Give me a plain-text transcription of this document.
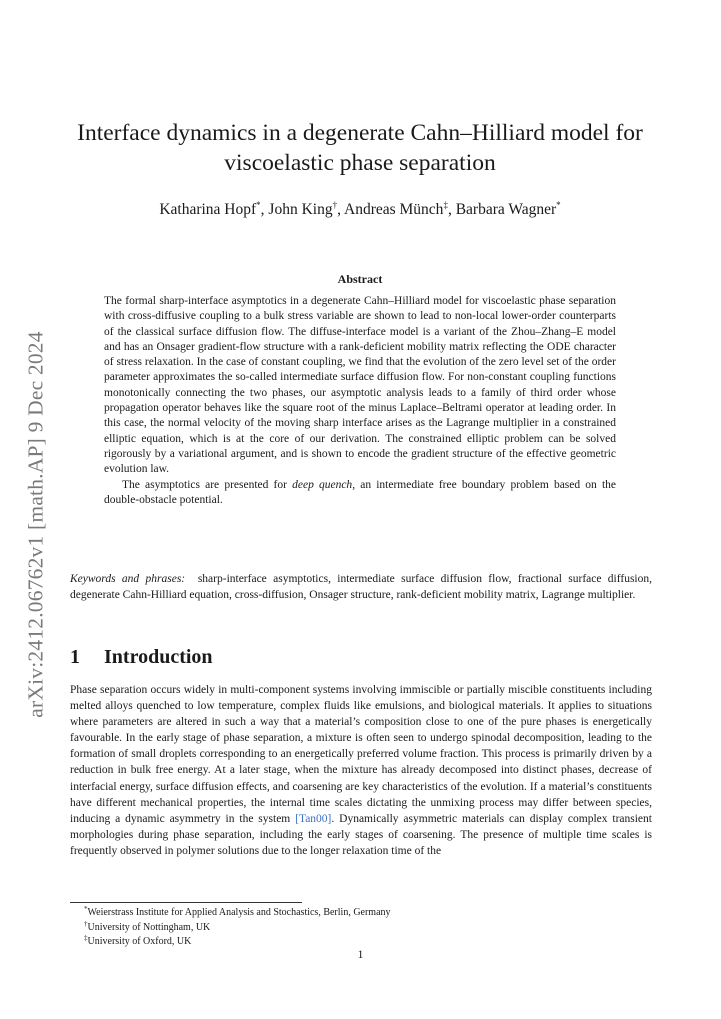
arXiv:2412.06762v1 [math.AP] 9 Dec 2024
Interface dynamics in a degenerate Cahn–Hilliard model for viscoelastic phase separation
Katharina Hopf*, John King†, Andreas Münch‡, Barbara Wagner*
Abstract

The formal sharp-interface asymptotics in a degenerate Cahn–Hilliard model for viscoelastic phase separation with cross-diffusive coupling to a bulk stress variable are shown to lead to non-local lower-order counterparts of the classical surface diffusion flow. The diffuse-interface model is a variant of the Zhou–Zhang–E model and has an Onsager gradient-flow structure with a rank-deficient mobility matrix reflecting the ODE character of stress relaxation. In the case of constant coupling, we find that the evolution of the zero level set of the order parameter approximates the so-called intermediate surface diffusion flow. For non-constant coupling functions monotonically connecting the two phases, our asymptotic analysis leads to a family of third order whose propagation operator behaves like the square root of the minus Laplace–Beltrami operator at leading order. In this case, the normal velocity of the moving sharp interface arises as the Lagrange multiplier in a constrained elliptic equation, which is at the core of our derivation. The constrained elliptic problem can be solved rigorously by a variational argument, and is shown to encode the gradient structure of the effective geometric evolution law.

The asymptotics are presented for deep quench, an intermediate free boundary problem based on the double-obstacle potential.

Keywords and phrases: sharp-interface asymptotics, intermediate surface diffusion flow, fractional surface diffusion, degenerate Cahn-Hilliard equation, cross-diffusion, Onsager structure, rank-deficient mobility matrix, Lagrange multiplier.
1 Introduction
Phase separation occurs widely in multi-component systems involving immiscible or partially miscible constituents including melted alloys quenched to low temperature, complex fluids like emulsions, and biological materials. It applies to situations where parameters are altered in such a way that a material’s composition close to one of the pure phases is energetically favourable. In the early stage of phase separation, a mixture is often seen to undergo spinodal decomposition, leading to the formation of small droplets corresponding to an energetically preferred volume fraction. This process is primarily driven by a reduction in bulk free energy. At a later stage, when the mixture has already decomposed into distinct phases, decrease of interfacial energy, surface diffusion effects, and coarsening are key characteristics of the evolution. If a material’s constituents have different mechanical properties, the internal time scales dictating the unmixing process may differ between species, inducing a dynamic asymmetry in the system [Tan00]. Dynamically asymmetric materials can display complex transient morphologies during phase separation, including the early stages of coarsening. The presence of multiple time scales is frequently observed in polymer solutions due to the longer relaxation time of the
*Weierstrass Institute for Applied Analysis and Stochastics, Berlin, Germany
†University of Nottingham, UK
‡University of Oxford, UK
1
